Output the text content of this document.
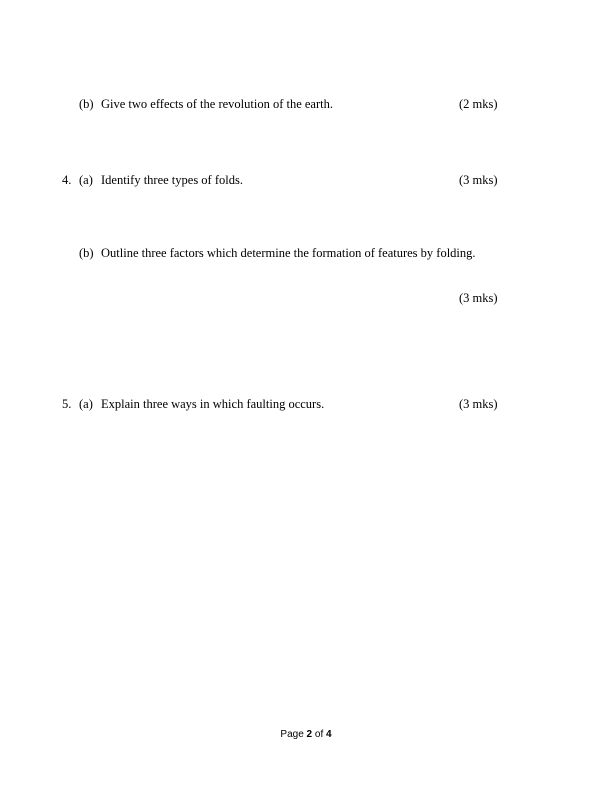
(b) Give two effects of the revolution of the earth.	(2 mks)
4. (a) Identify three types of folds.	(3 mks)
(b) Outline three factors which determine the formation of features by folding.
(3 mks)
5. (a) Explain three ways in which faulting occurs.	(3 mks)
Page 2 of 4
